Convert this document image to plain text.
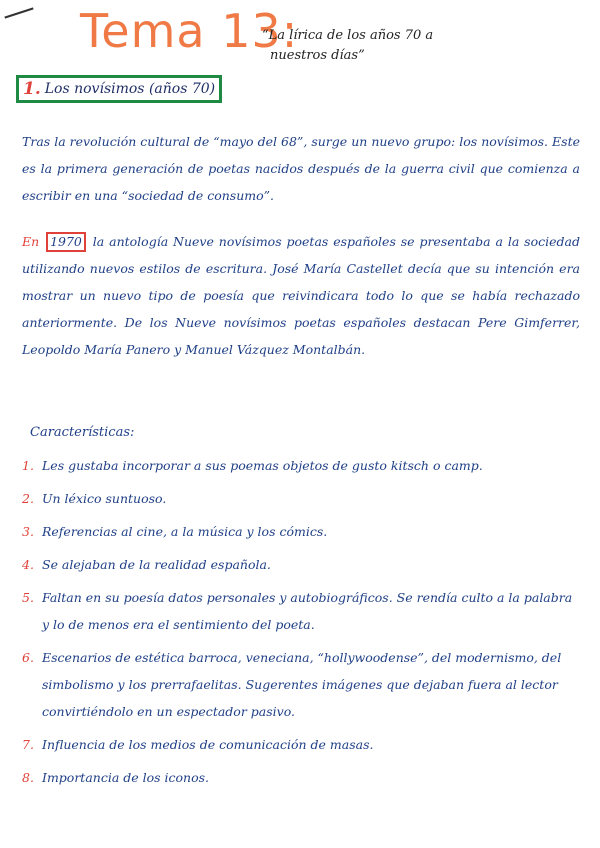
Tema 13:
“La lírica de los años 70 a
nuestros días”
1. Los novísimos (años 70)
Tras la revolución cultural de “mayo del 68”, surge un nuevo grupo: los novísimos. Este es la primera generación de poetas nacidos después de la guerra civil que comienza a escribir en una “sociedad de consumo”.
En 1970 la antología Nueve novísimos poetas españoles se presentaba a la sociedad utilizando nuevos estilos de escritura. José María Castellet decía que su intención era mostrar un nuevo tipo de poesía que reivindicara todo lo que se había rechazado anteriormente. De los Nueve novísimos poetas españoles destacan Pere Gimferrer, Leopoldo María Panero y Manuel Vázquez Montalbán.
Características:
1. Les gustaba incorporar a sus poemas objetos de gusto kitsch o camp.
2. Un léxico suntuoso.
3. Referencias al cine, a la música y los cómics.
4. Se alejaban de la realidad española.
5. Faltan en su poesía datos personales y autobiográficos. Se rendía culto a la palabra y lo de menos era el sentimiento del poeta.
6. Escenarios de estética barroca, veneciana, “hollywoodense”, del modernismo, del simbolismo y los prerrafaelitas. Sugerentes imágenes que dejaban fuera al lector convirtiéndolo en un espectador pasivo.
7. Influencia de los medios de comunicación de masas.
8. Importancia de los iconos.
